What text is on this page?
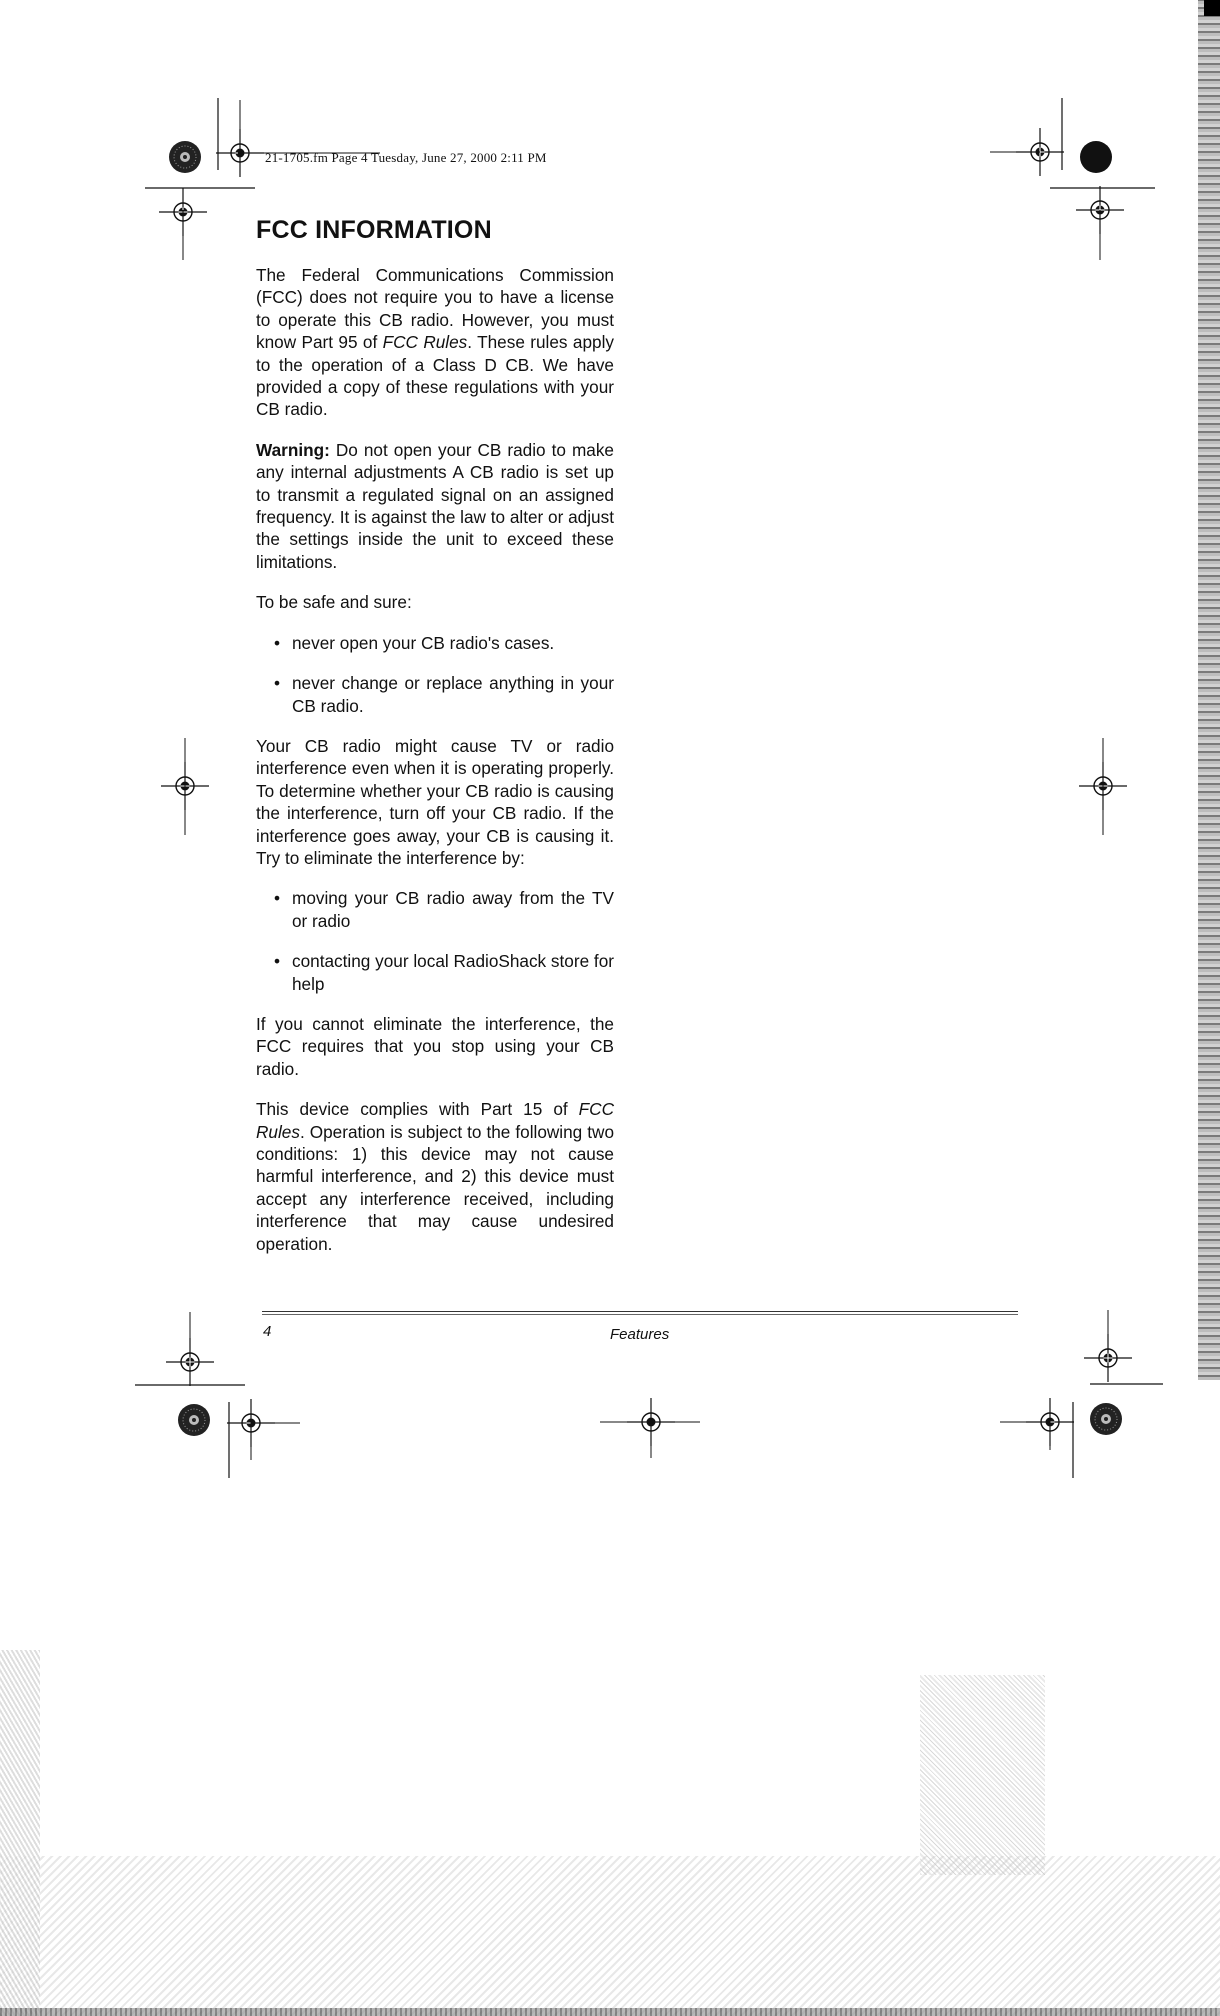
21-1705.fm Page 4 Tuesday, June 27, 2000 2:11 PM
FCC INFORMATION

The Federal Communications Commission (FCC) does not require you to have a license to operate this CB radio. However, you must know Part 95 of FCC Rules. These rules apply to the operation of a Class D CB. We have provided a copy of these regulations with your CB radio.

Warning: Do not open your CB radio to make any internal adjustments A CB radio is set up to transmit a regulated signal on an assigned frequency. It is against the law to alter or adjust the settings inside the unit to exceed these limitations.

To be safe and sure:

• never open your CB radio's cases.
• never change or replace anything in your CB radio.

Your CB radio might cause TV or radio interference even when it is operating properly. To determine whether your CB radio is causing the interference, turn off your CB radio. If the interference goes away, your CB is causing it. Try to eliminate the interference by:

• moving your CB radio away from the TV or radio
• contacting your local RadioShack store for help

If you cannot eliminate the interference, the FCC requires that you stop using your CB radio.

This device complies with Part 15 of FCC Rules. Operation is subject to the following two conditions: 1) this device may not cause harmful interference, and 2) this device must accept any interference received, including interference that may cause undesired operation.

4	Features
